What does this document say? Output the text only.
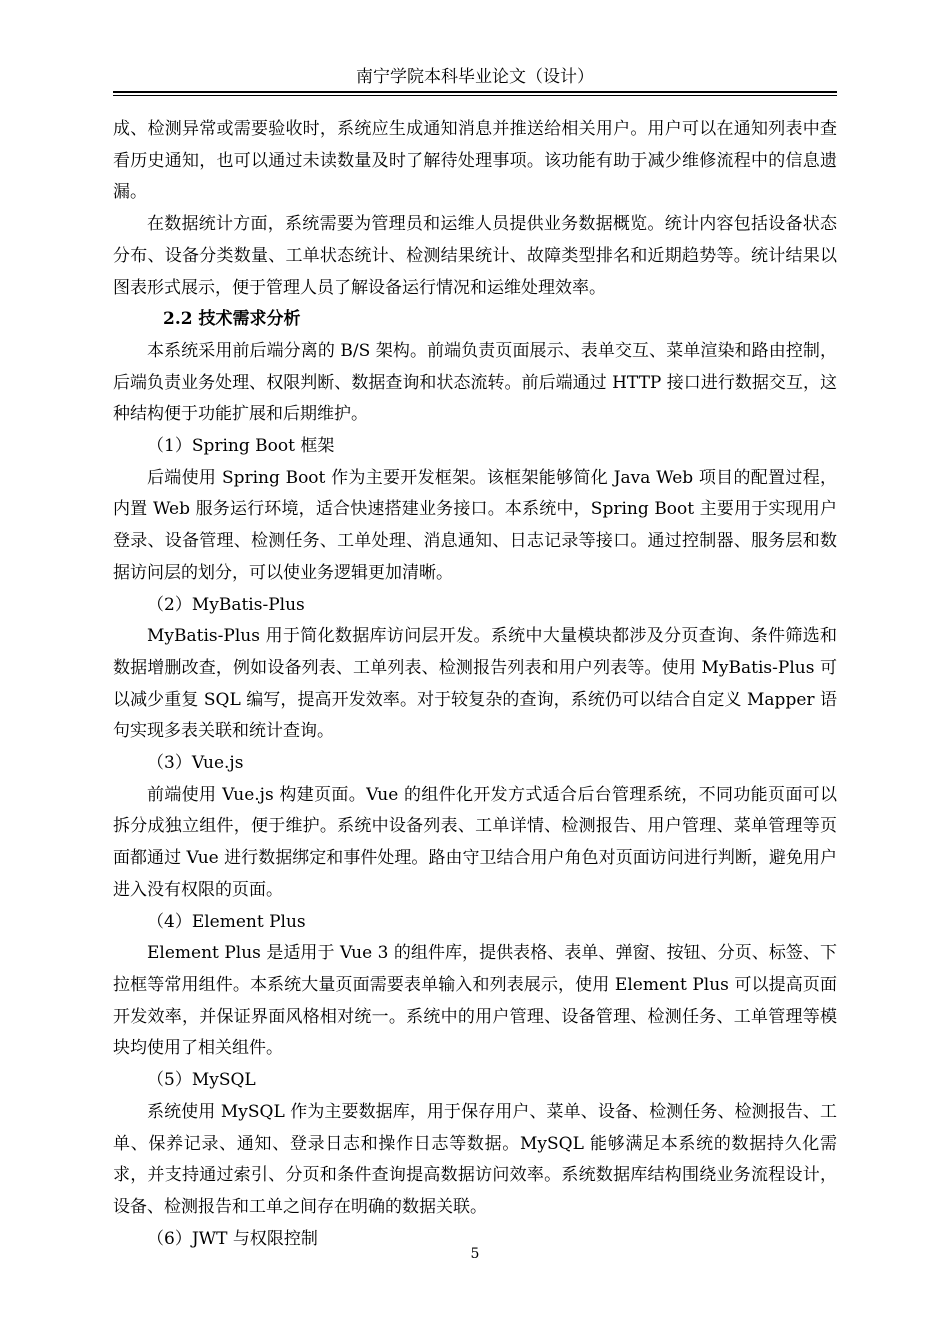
南宁学院本科毕业论文（设计）

成、检测异常或需要验收时，系统应生成通知消息并推送给相关用户。用户可以在通知列表中查看历史通知，也可以通过未读数量及时了解待处理事项。该功能有助于减少维修流程中的信息遗漏。

在数据统计方面，系统需要为管理员和运维人员提供业务数据概览。统计内容包括设备状态分布、设备分类数量、工单状态统计、检测结果统计、故障类型排名和近期趋势等。统计结果以图表形式展示，便于管理人员了解设备运行情况和运维处理效率。

2.2 技术需求分析

本系统采用前后端分离的 B/S 架构。前端负责页面展示、表单交互、菜单渲染和路由控制，后端负责业务处理、权限判断、数据查询和状态流转。前后端通过 HTTP 接口进行数据交互，这种结构便于功能扩展和后期维护。

（1）Spring Boot 框架

后端使用 Spring Boot 作为主要开发框架。该框架能够简化 Java Web 项目的配置过程，内置 Web 服务运行环境，适合快速搭建业务接口。本系统中，Spring Boot 主要用于实现用户登录、设备管理、检测任务、工单处理、消息通知、日志记录等接口。通过控制器、服务层和数据访问层的划分，可以使业务逻辑更加清晰。

（2）MyBatis-Plus

MyBatis-Plus 用于简化数据库访问层开发。系统中大量模块都涉及分页查询、条件筛选和数据增删改查，例如设备列表、工单列表、检测报告列表和用户列表等。使用 MyBatis-Plus 可以减少重复 SQL 编写，提高开发效率。对于较复杂的查询，系统仍可以结合自定义 Mapper 语句实现多表关联和统计查询。

（3）Vue.js

前端使用 Vue.js 构建页面。Vue 的组件化开发方式适合后台管理系统，不同功能页面可以拆分成独立组件，便于维护。系统中设备列表、工单详情、检测报告、用户管理、菜单管理等页面都通过 Vue 进行数据绑定和事件处理。路由守卫结合用户角色对页面访问进行判断，避免用户进入没有权限的页面。

（4）Element Plus

Element Plus 是适用于 Vue 3 的组件库，提供表格、表单、弹窗、按钮、分页、标签、下拉框等常用组件。本系统大量页面需要表单输入和列表展示，使用 Element Plus 可以提高页面开发效率，并保证界面风格相对统一。系统中的用户管理、设备管理、检测任务、工单管理等模块均使用了相关组件。

（5）MySQL

系统使用 MySQL 作为主要数据库，用于保存用户、菜单、设备、检测任务、检测报告、工单、保养记录、通知、登录日志和操作日志等数据。MySQL 能够满足本系统的数据持久化需求，并支持通过索引、分页和条件查询提高数据访问效率。系统数据库结构围绕业务流程设计，设备、检测报告和工单之间存在明确的数据关联。

（6）JWT 与权限控制

5
